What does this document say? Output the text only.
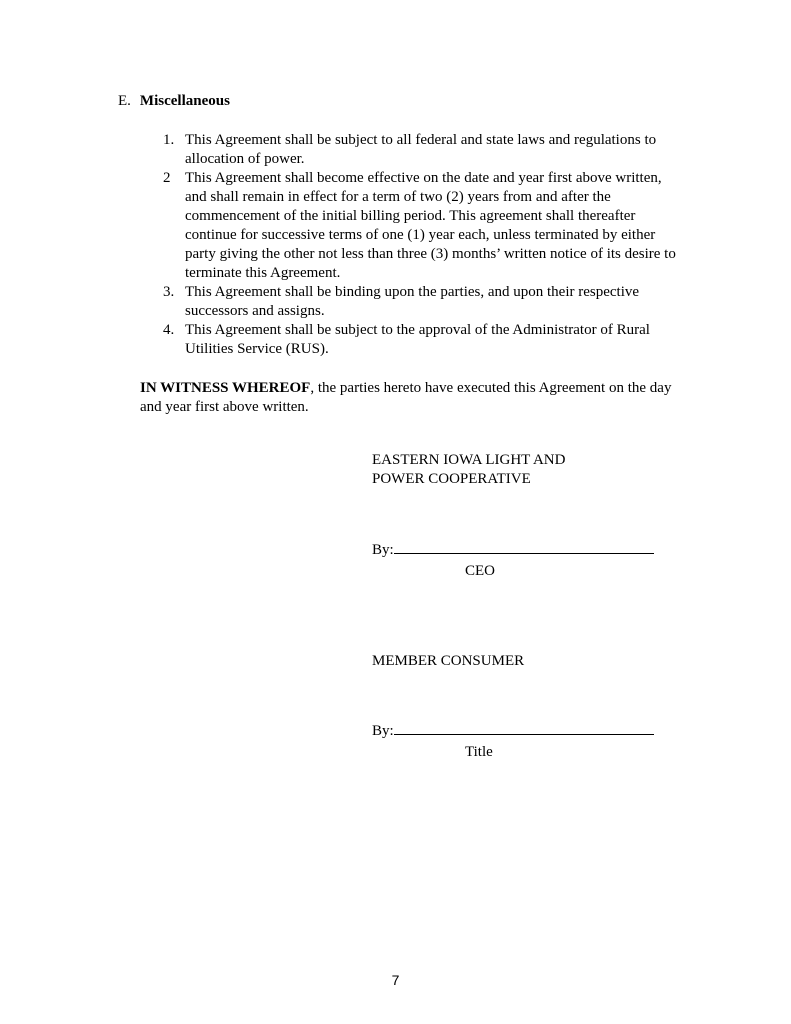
E. Miscellaneous
1. This Agreement shall be subject to all federal and state laws and regulations to allocation of power.
2 This Agreement shall become effective on the date and year first above written, and shall remain in effect for a term of two (2) years from and after the commencement of the initial billing period. This agreement shall thereafter continue for successive terms of one (1) year each, unless terminated by either party giving the other not less than three (3) months’ written notice of its desire to terminate this Agreement.
3. This Agreement shall be binding upon the parties, and upon their respective successors and assigns.
4. This Agreement shall be subject to the approval of the Administrator of Rural Utilities Service (RUS).
IN WITNESS WHEREOF, the parties hereto have executed this Agreement on the day and year first above written.
EASTERN IOWA LIGHT AND
POWER COOPERATIVE
By:
CEO
MEMBER CONSUMER
By:
Title
7
